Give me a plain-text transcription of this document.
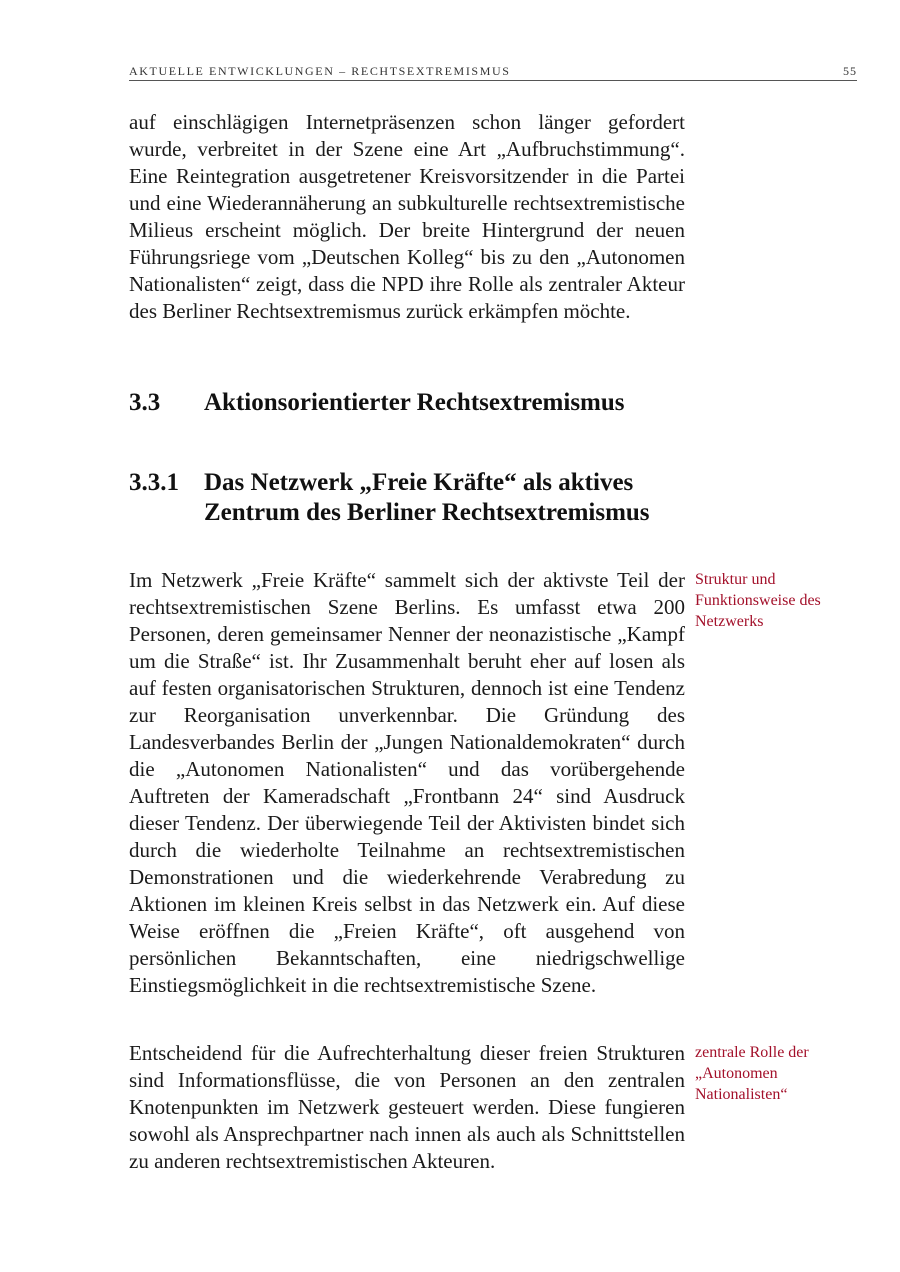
AKTUELLE ENTWICKLUNGEN – RECHTSEXTREMISMUS	55

auf einschlägigen Internetpräsenzen schon länger gefordert wurde, verbreitet in der Szene eine Art „Aufbruchstimmung“. Eine Reintegration ausgetretener Kreisvorsitzender in die Partei und eine Wiederannäherung an subkulturelle rechtsextremistische Milieus erscheint möglich. Der breite Hintergrund der neuen Führungsriege vom „Deutschen Kolleg“ bis zu den „Autonomen Nationalisten“ zeigt, dass die NPD ihre Rolle als zentraler Akteur des Berliner Rechtsextremismus zurück erkämpfen möchte.

3.3 Aktionsorientierter Rechtsextremismus
3.3.1 Das Netzwerk „Freie Kräfte“ als aktives Zentrum des Berliner Rechtsextremismus

Im Netzwerk „Freie Kräfte“ sammelt sich der aktivste Teil der rechtsextremistischen Szene Berlins. Es umfasst etwa 200 Personen, deren gemeinsamer Nenner der neonazistische „Kampf um die Straße“ ist. Ihr Zusammenhalt beruht eher auf losen als auf festen organisatorischen Strukturen, dennoch ist eine Tendenz zur Reorganisation unverkennbar. Die Gründung des Landesverbandes Berlin der „Jungen Nationaldemokraten“ durch die „Autonomen Nationalisten“ und das vorübergehende Auftreten der Kameradschaft „Frontbann 24“ sind Ausdruck dieser Tendenz. Der überwiegende Teil der Aktivisten bindet sich durch die wiederholte Teilnahme an rechtsextremistischen Demonstrationen und die wiederkehrende Verabredung zu Aktionen im kleinen Kreis selbst in das Netzwerk ein. Auf diese Weise eröffnen die „Freien Kräfte“, oft ausgehend von persönlichen Bekanntschaften, eine niedrigschwellige Einstiegsmöglichkeit in die rechtsextremistische Szene.

Struktur und Funktionsweise des Netzwerks

Entscheidend für die Aufrechterhaltung dieser freien Strukturen sind Informationsflüsse, die von Personen an den zentralen Knotenpunkten im Netzwerk gesteuert werden. Diese fungieren sowohl als Ansprechpartner nach innen als auch als Schnittstellen zu anderen rechtsextremistischen Akteuren.

zentrale Rolle der „Autonomen Nationalisten“
